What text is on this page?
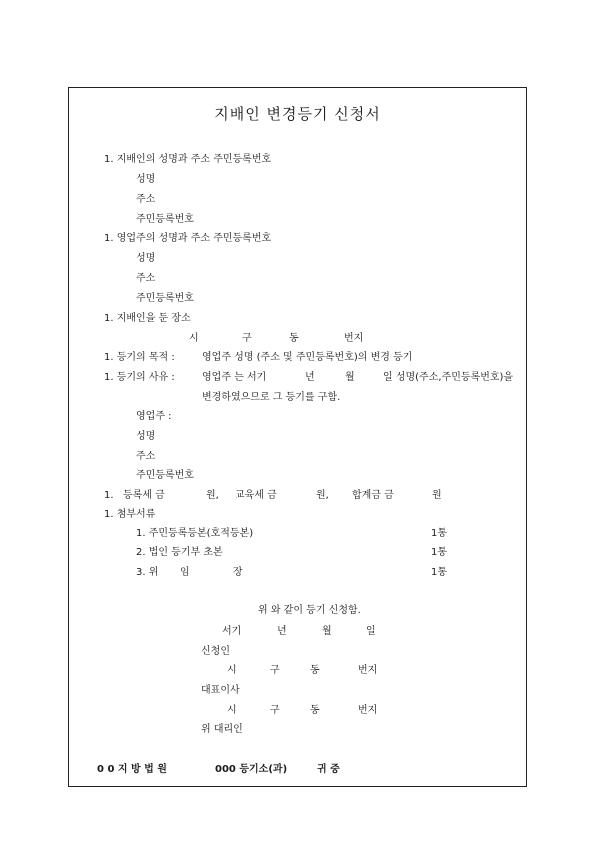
지배인 변경등기 신청서
1. 지배인의 성명과 주소 주민등록번호
성명
주소
주민등록번호
1. 영업주의 성명과 주소 주민등록번호
성명
주소
주민등록번호
1. 지배인을 둔 장소
시	구	동	번지
1. 등기의 목적 :	영업주 성명 (주소 및 주민등록번호)의 변경 등기
1. 등기의 사유 :	영업주 는 서기	년	월	일 성명(주소,주민등록번호)을
변경하였으므로 그 등기를 구함.
영업주 :
성명
주소
주민등록번호
1. 등록세 금	원, 교육세 금	원, 합계금 금	원
1. 첨부서류
1. 주민등록등본(호적등본)	1통
2. 법인 등기부 초본	1통
3. 위 임	장	1통
위 와 같이 등기 신청함.
서기	년	월	일
신청인
시	구	동	번지
대표이사
시	구	동	번지
위 대리인
0 0 지 방 법 원	000 등기소(과)	귀 중
